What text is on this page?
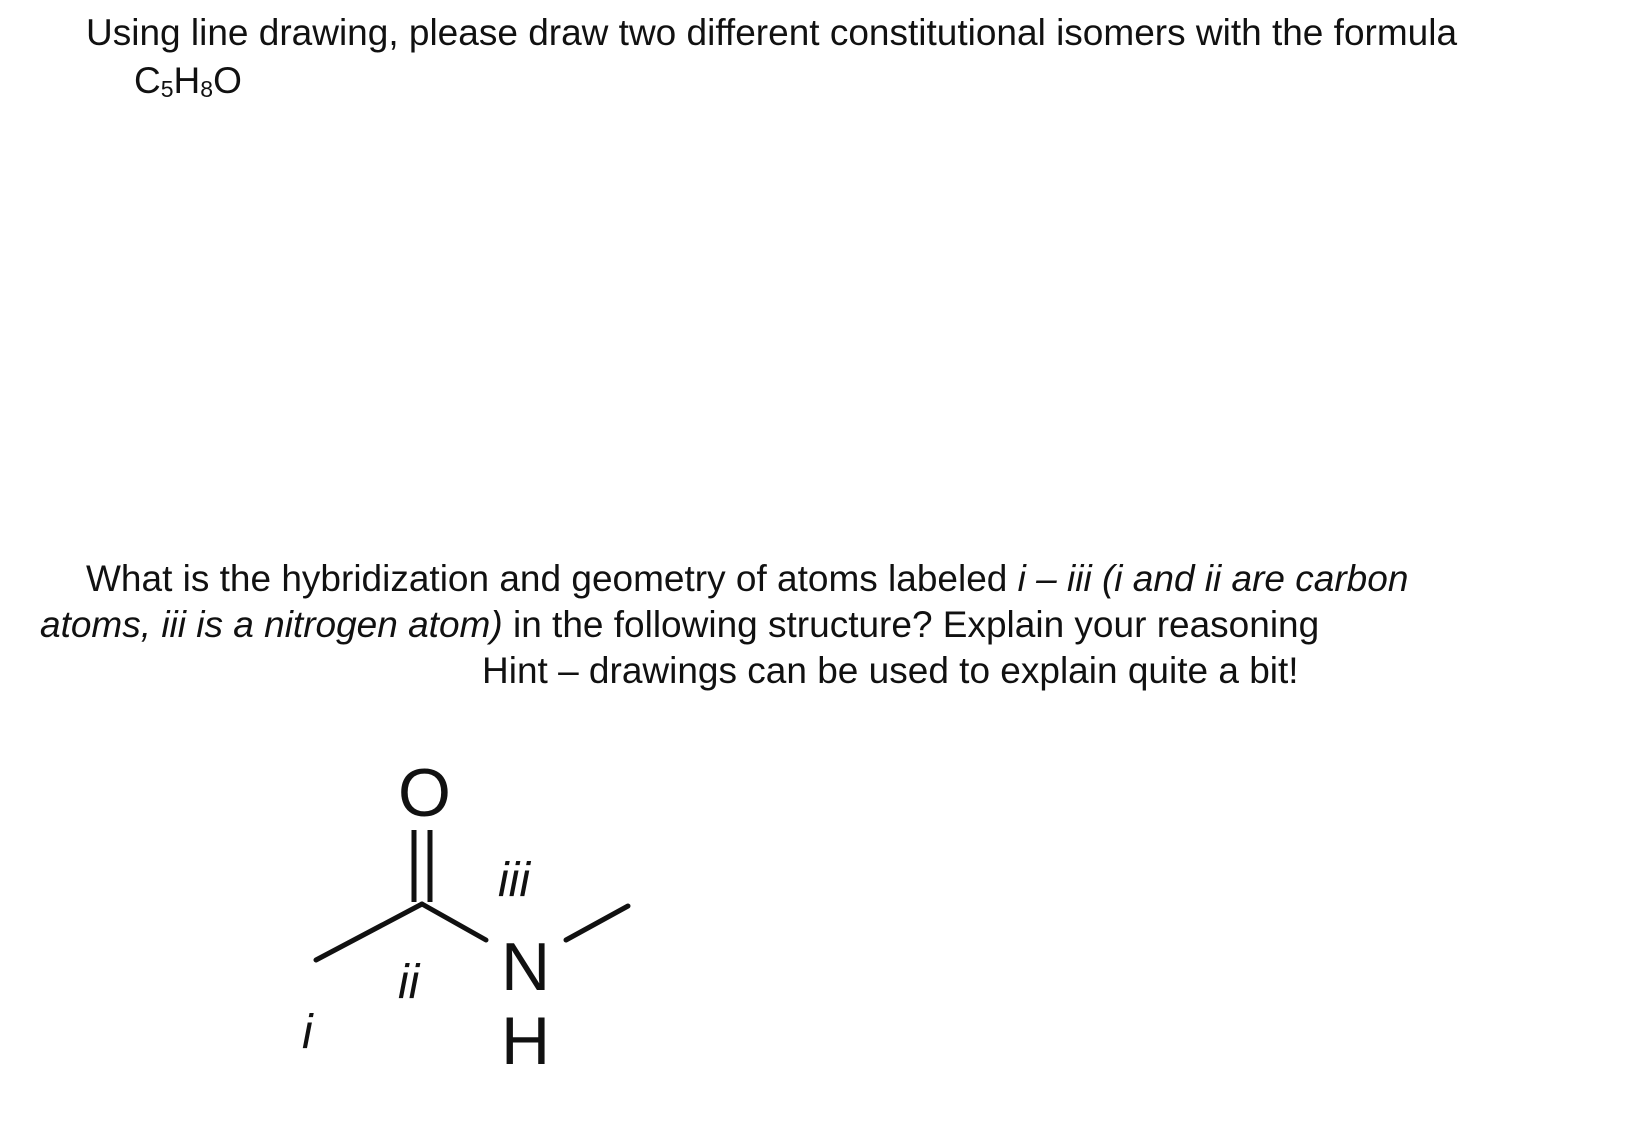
Using line drawing, please draw two different constitutional isomers with the formula
$C_5H_8O$
What is the hybridization and geometry of atoms labeled i – iii (i and ii are carbon
atoms, iii is a nitrogen atom) in the following structure? Explain your reasoning
Hint – drawings can be used to explain quite a bit!
O
N
H
i
ii
iii
